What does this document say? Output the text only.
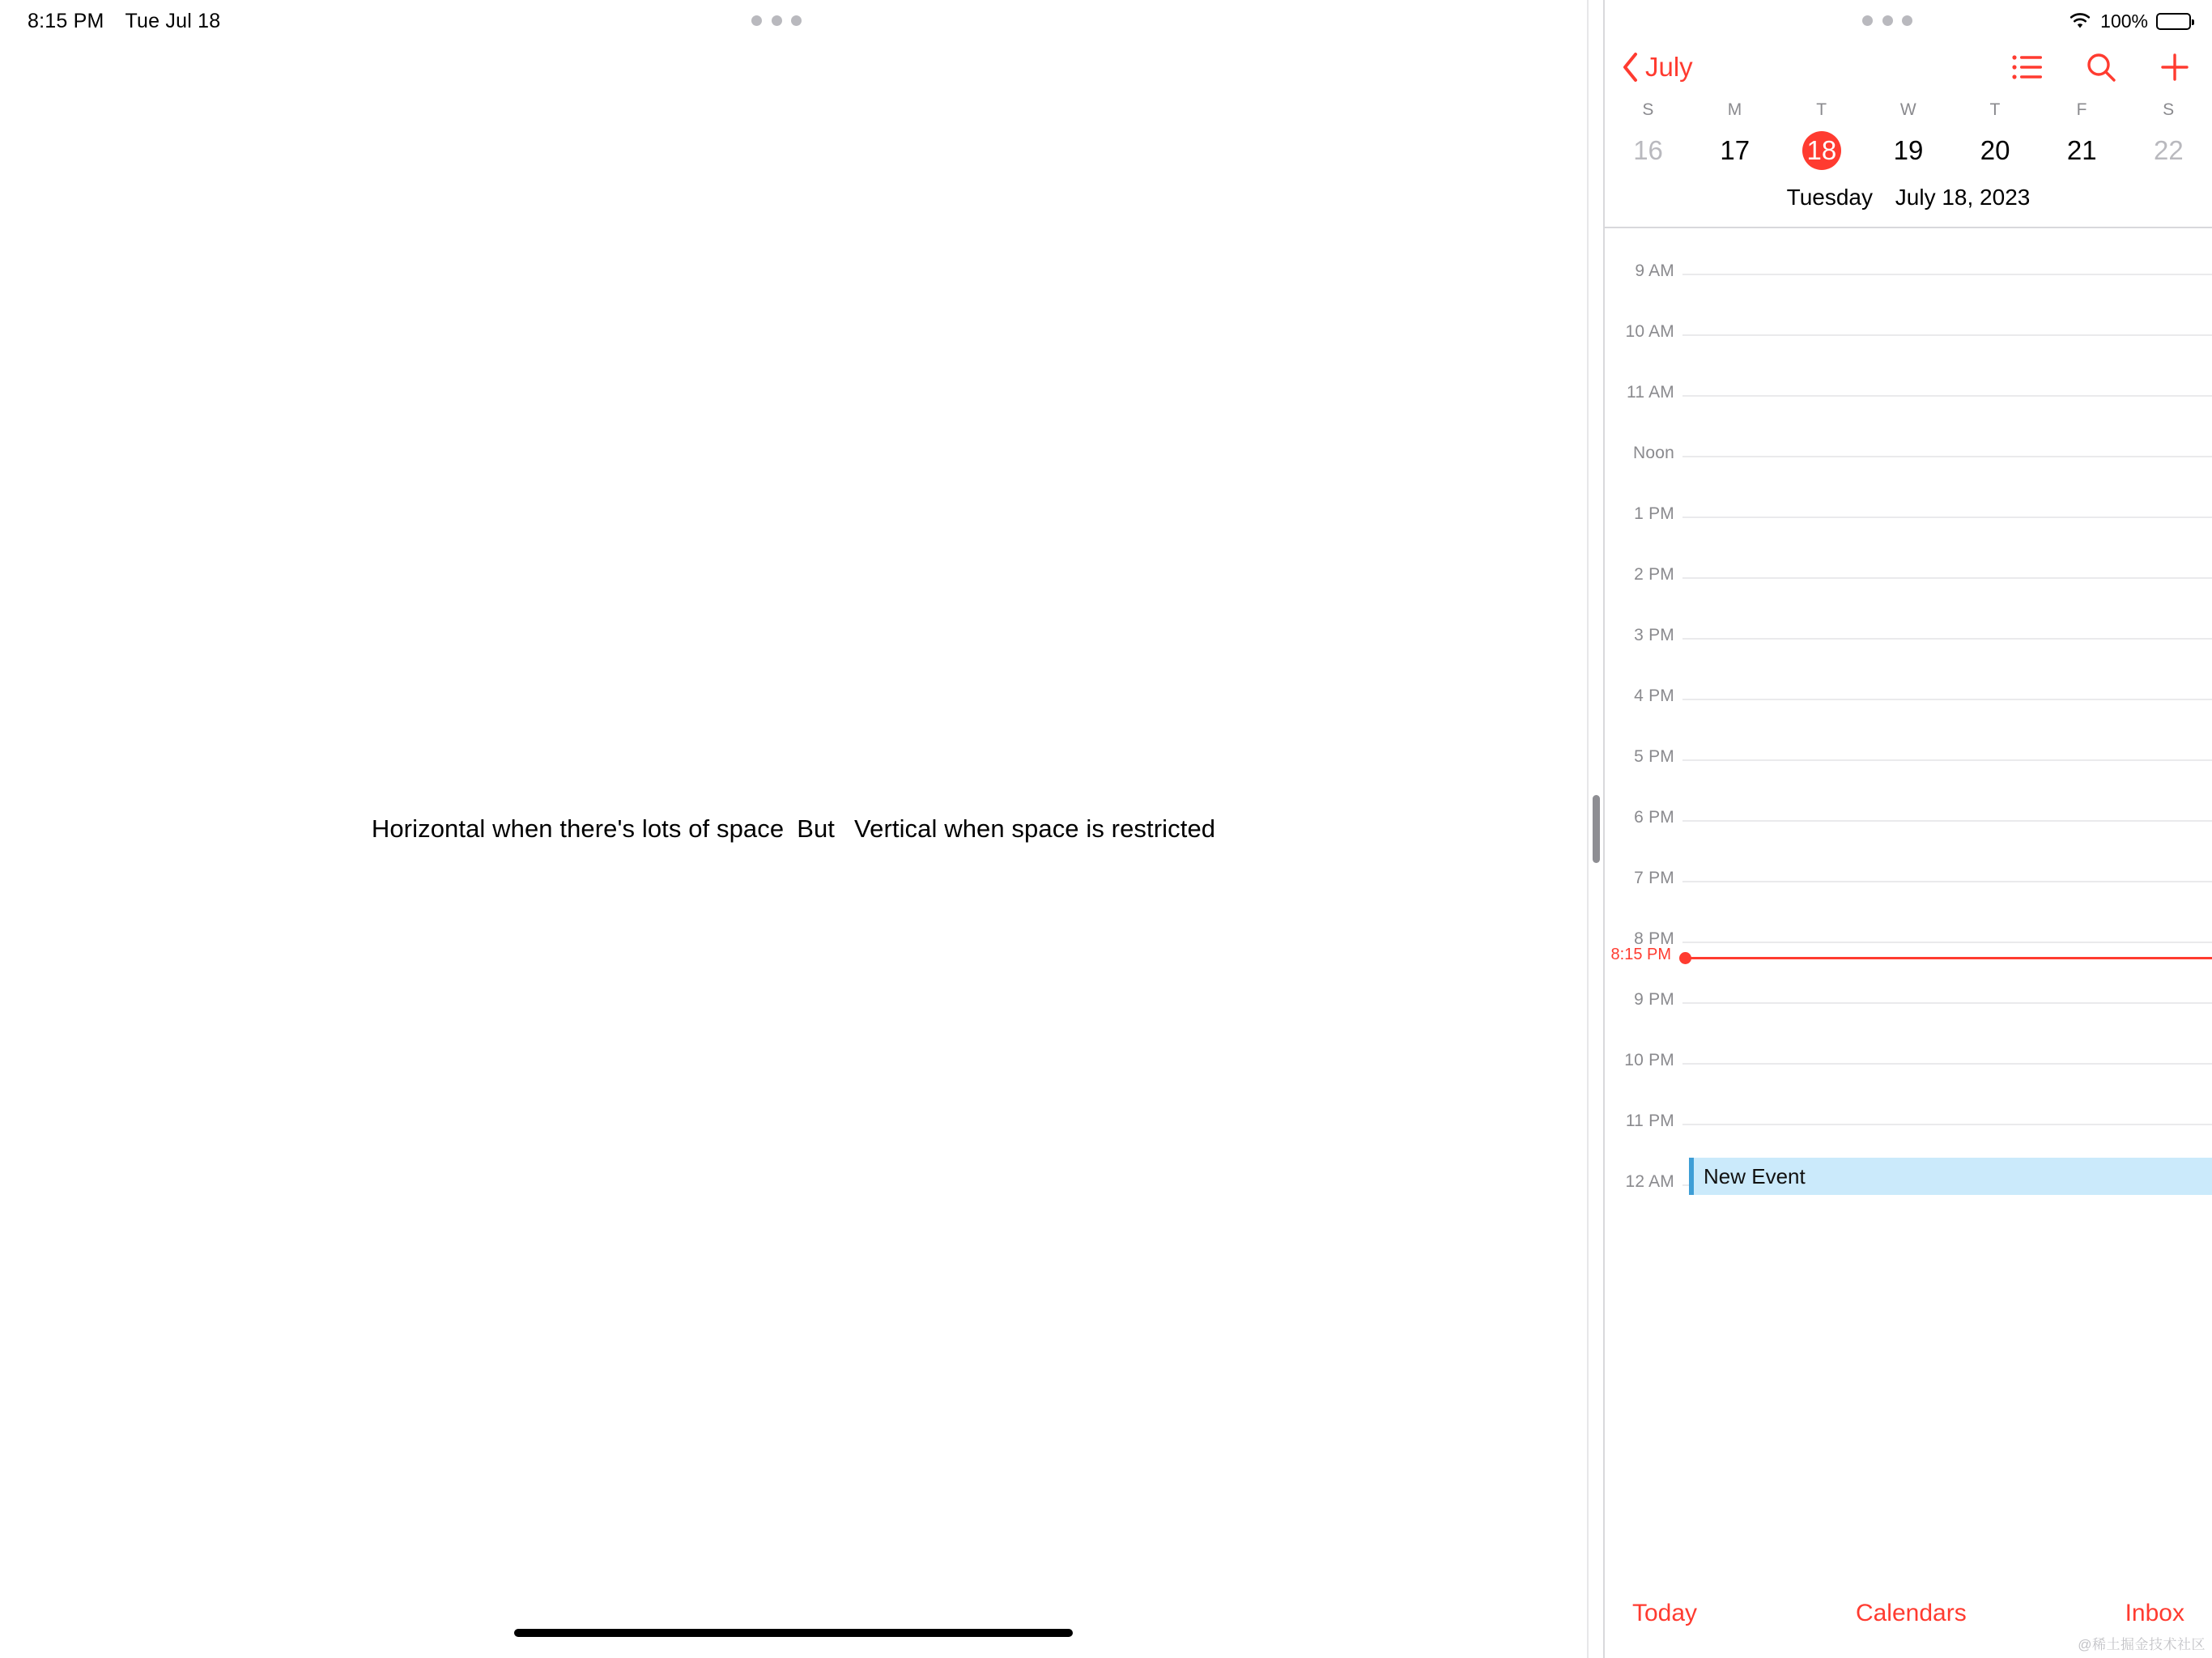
8:15 PM Tue Jul 18
Horizontal when there's lots of space But Vertical when space is restricted
100%
July
S	M	T	W	T	F	S
16	17	18	19	20	21	22
Tuesday July 18, 2023
9 AM
10 AM
11 AM
Noon
1 PM
2 PM
3 PM
4 PM
5 PM
6 PM
7 PM
8 PM
9 PM
10 PM
11 PM
12 AM
8:15 PM
New Event
Today	Calendars	Inbox
@稀土掘金技术社区
